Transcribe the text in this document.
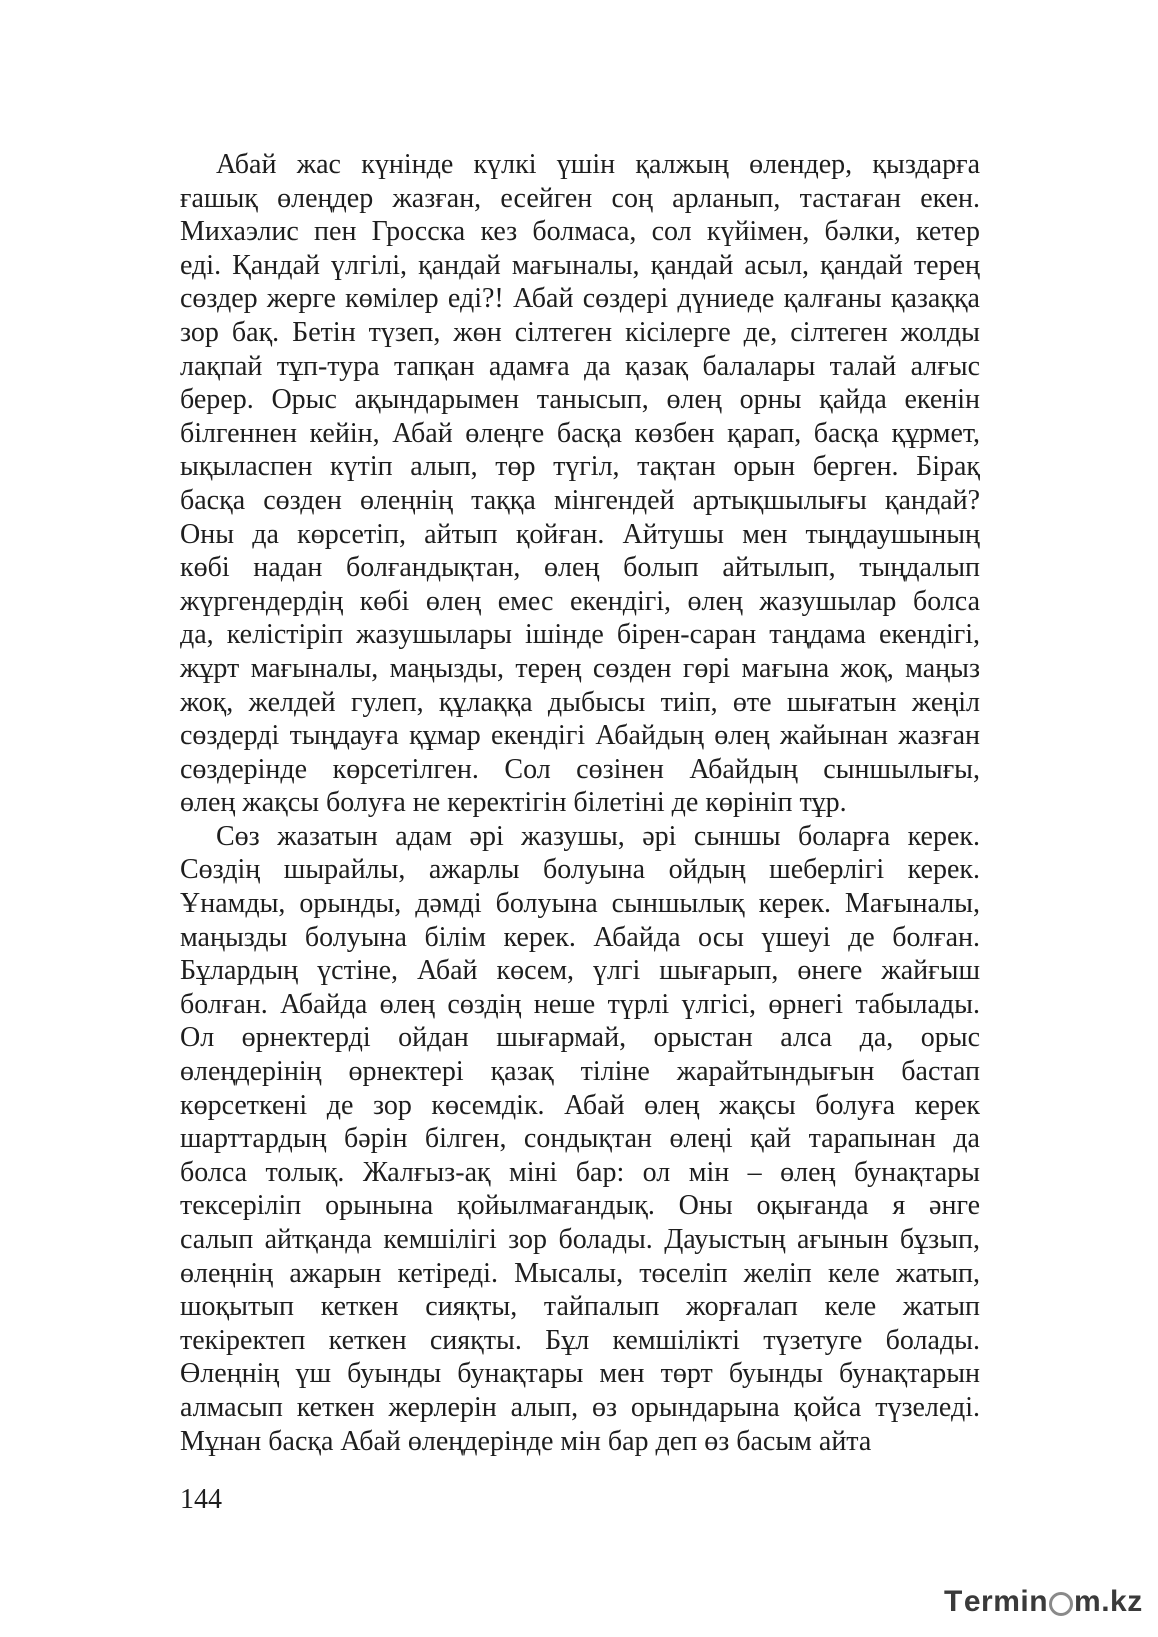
Абай жас күнінде күлкі үшін қалжың өлендер, қыздарға
ғашық өлеңдер жазған, есейген соң арланып, тастаған екен.
Михаэлис пен Гросска кез болмаса, сол күйімен, бəлки, кетер
еді. Қандай үлгілі, қандай мағыналы, қандай асыл, қандай терең
сөздер жерге көмілер еді?! Абай сөздері дүниеде қалғаны қазаққа
зор бақ. Бетін түзеп, жөн сілтеген кісілерге де, сілтеген жолды
лақпай тұп-тура тапқан адамға да қазақ балалары талай алғыс
берер. Орыс ақындарымен танысып, өлең орны қайда екенін
білгеннен кейін, Абай өлеңге басқа көзбен қарап, басқа құрмет,
ықыласпен күтіп алып, төр түгіл, тақтан орын берген. Бірақ
басқа сөзден өлеңнің таққа мінгендей артықшылығы қандай?
Оны да көрсетіп, айтып қойған. Айтушы мен тыңдаушының
көбі надан болғандықтан, өлең болып айтылып, тыңдалып
жүргендердің көбі өлең емес екендігі, өлең жазушылар болса
да, келістіріп жазушылары ішінде бірен-саран таңдама екендігі,
жұрт мағыналы, маңызды, терең сөзден гөрі мағына жоқ, маңыз
жоқ, желдей гулеп, құлаққа дыбысы тиіп, өте шығатын жеңіл
сөздерді тыңдауға құмар екендігі Абайдың өлең жайынан жазған
сөздерінде көрсетілген. Сол сөзінен Абайдың сыншылығы,
өлең жақсы болуға не керектігін білетіні де көрініп тұр.

Сөз жазатын адам əрі жазушы, əрі сыншы боларға керек.
Сөздің шырайлы, ажарлы болуына ойдың шеберлігі керек.
Ұнамды, орынды, дəмді болуына сыншылық керек. Мағыналы,
маңызды болуына білім керек. Абайда осы үшеуі де болған.
Бұлардың үстіне, Абай көсем, үлгі шығарып, өнеге жайғыш
болған. Абайда өлең сөздің неше түрлі үлгісі, өрнегі табылады.
Ол өрнектерді ойдан шығармай, орыстан алса да, орыс
өлеңдерінің өрнектері қазақ тіліне жарайтындығын бастап
көрсеткені де зор көсемдік. Абай өлең жақсы болуға керек
шарттардың бəрін білген, сондықтан өлеңі қай тарапынан да
болса толық. Жалғыз-ақ міні бар: ол мін – өлең бунақтары
тексеріліп орынына қойылмағандық. Оны оқығанда я əнге
салып айтқанда кемшілігі зор болады. Дауыстың ағынын бұзып,
өлеңнің ажарын кетіреді. Мысалы, төселіп желіп келе жатып,
шоқытып кеткен сияқты, тайпалып жорғалап келе жатып
текіректеп кеткен сияқты. Бұл кемшілікті түзетуге болады.
Өлеңнің үш буынды бунақтары мен төрт буынды бунақтарын
алмасып кеткен жерлерін алып, өз орындарына қойса түзеледі.
Мұнан басқа Абай өлеңдерінде мін бар деп өз басым айта

144
T ermin m.kz
